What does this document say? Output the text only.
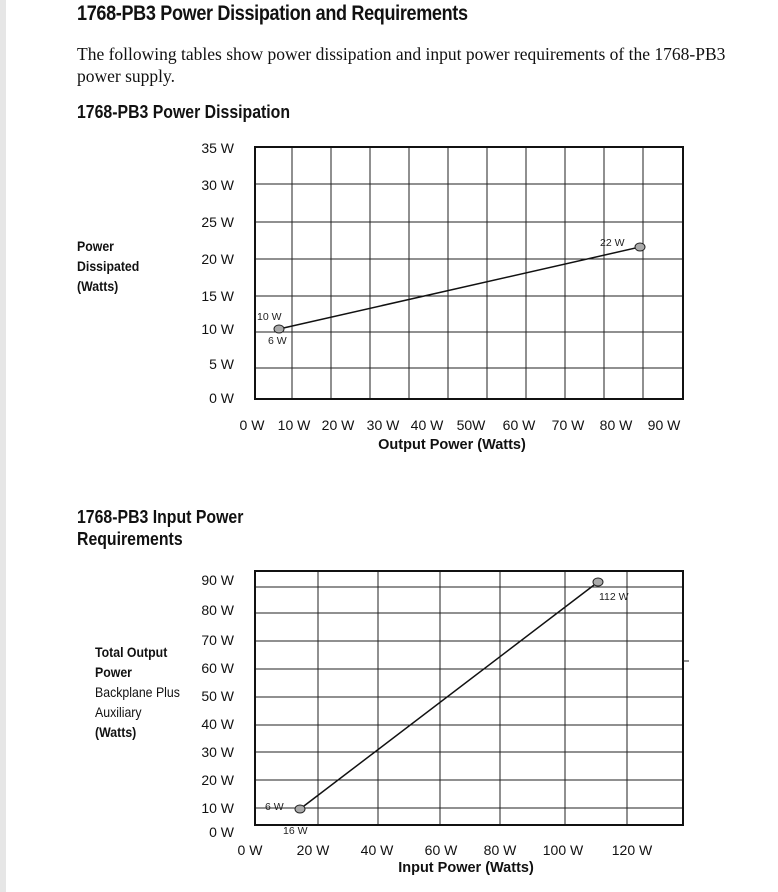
1768-PB3 Power Dissipation and Requirements

The following tables show power dissipation and input power requirements of the 1768-PB3 power supply.

1768-PB3 Power Dissipation
Power
Dissipated
(Watts)
1768-PB3 Input Power
Requirements
Total Output
Power
Backplane Plus
Auxiliary
(Watts)
0 W
5 W
10 W
15 W
20 W
25 W
30 W
35 W
0 W 10 W 20 W 30 W 40 W 50W 60 W 70 W 80 W 90 W
Output Power (Watts)
10 W
6 W
22 W
0 W
10 W
20 W
30 W
40 W
50 W
60 W
70 W
80 W
90 W
0 W 20 W 40 W 60 W 80 W 100 W 120 W
Input Power (Watts)
6 W
16 W
112 W
